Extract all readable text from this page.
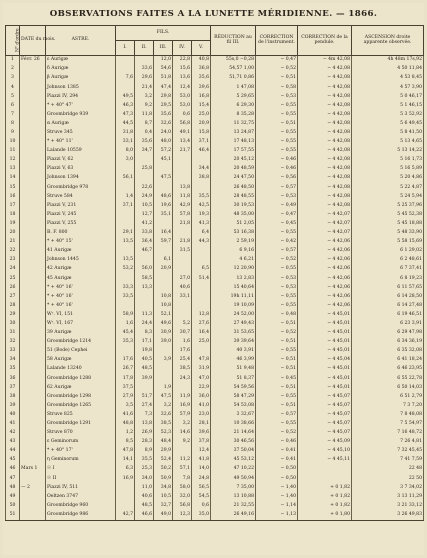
OBSERVATIONS FAITES A LA LUNETTE MÉRIDIENNE. — 1866.
N° d'ordre	DATE du mois.	ASTRE.	FILS.					RÉDUCTION au fil III.	CORRECTION de l'instrument.	CORRECTION de la pendule.	ASCENSION droite apparente observée.
			I.	II.	III.	IV.	V.				
1	Févr. 26	ε Aurigæ			12,0	22,8	40,8	55s,0 −0,28	− 0,47	− 4m 42,08	4h 48m 17s,92
2		δ Aurigæ		33,6	54,6	15,6	36,8	54,57 1,00	− 0,52	− 4 42,08	4 50 11,84
3		β Aurigæ	7,6	29,6	51,8	13,6	35,6	51,71 0,86	− 0,51	− 4 42,08	4 53 8,45
4		Johnson 1385		21,4	47,4	12,4	39,6	1 47,08	− 0,58	− 4 42,08	4 57 3,90
5		Piazzi IV, 294	49,5	3,2	29,8	53,0	16,8	5 29,65	− 0,53	− 4 42,08	5 0 46,17
6		* + 40° 47'	46,3	9,2	29,5	53,0	15,4	6 29,30	− 0,55	− 4 42,08	5 1 46,15
7		Groombridge 939	47,3	11,8	35,6	0,6	25,0	8 35,28	− 0,55	− 4 42,08	5 3 52,92
8		α Aurigæ	44,5	8,7	32,6	56,8	20,9	11 32,75	− 0,51	− 4 42,08	5 6 49,45
9		Struve 345	31,8	0,4	24,0	49,1	15,8	13 24,87	− 0,55	− 4 42,08	5 8 41,50
10		* + 40° 11'	33,1	35,6	48,0	13,4	37,1	17 48,13	− 0,55	− 4 42,08	5 13 4,65
11		Lalande 10559	8,0	34,7	57,2	21,7	46,4	17 57,55	− 0,55	− 4 42,08	5 13 14,22
12		Piazzi V, 62	3,0		45,1			20 45,12	− 0,46	− 4 42,08	5 16 1,73
13		Piazzi V, 63		25,8			34,4	20 48,59	− 0,46	− 4 42,08	5 16 5,89
14		Johnson 1394	56,1		47,5		38,8	24 47,50	− 0,56	− 4 42,08	5 20 4,86
15		Groombridge 978		22,6		13,8		26 48,50	− 0,57	− 4 42,08	5 22 4,87
16		Struve 584	1,4	24,9	48,6	11,8	35,5	28 48,55	− 0,53	− 4 42,08	5 24 5,94
17		Piazzi V, 231	37,1	10,5	19,6	42,9	42,5	30 19,53	− 0,49	− 4 42,08	5 25 37,96
18		Piazzi V, 245		12,7	35,1	57,8	19,3	48 35,00	− 0,47	− 4 42,07	5 45 52,38
19		Piazzi V, 255		41,2		21,8	41,3	51 2,05	− 0,45	− 4 42,07	5 45 18,88
20		B. F. 800	29,1	33,8	16,4		6,4	53 16,38	− 0,55	− 4 42,07	5 48 33,90
21		* + 40° 15'	13,5	36,4	59,7	21,8	44,3	2 59,19	− 0,42	− 4 42,06	5 58 15,69
22		41 Aurigæ		46,7		31,5		6 9,16	− 0,57	− 4 42,06	6 1 29,02
23		Johnson 1445	13,5		6,1			4 6,21	− 0,52	− 4 42,06	6 2 48,61
24		42 Aurigæ	53,2	56,0	20,9		6,5	12 20,90	− 0,55	− 4 42,06	6 7 37,41
25		45 Aurigæ		58,5		27,0	51,4	13 2,83	− 0,53	− 4 42,06	6 8 19,23
26		* + 40° 16'	33,3	13,3		40,6		15 40,64	− 0,53	− 4 42,06	6 11 57,65
27		* + 40° 16'	33,5		10,8	33,1		19h 11,11	− 0,55	− 4 42,06	6 14 28,50
28		* + 40° 16'			10,8			19 10,09	− 0,55	− 4 42,06	6 14 27,48
29		Wʳ. VI, 151	58,9	11,3	52,1		12,8	24 52,00	− 0,48	− 4 45,01	6 19 46,51
30		Wʳ. VI, 167	1,6	24,4	49,6	5,2	27,6	27 49,43	− 0,51	− 4 45,01	6 23 3,91
31		39 Aurigæ	45,4	8,3	30,9	30,7	16,4	31 53,65	− 0,52	− 4 45,01	6 29 47,98
32		Groombridge 1214	35,3	17,1	39,0	1,6	25,0	39 39,64	− 0,51	− 4 45,01	6 34 36,19
33		51 (Bode) Cephei		19,8		17,6		40 3,91	− 0,55	− 4 45,01	6 35 32,08
34		58 Aurigæ	17,6	40,5	3,9	25,4	47,8	46 3,99	− 0,51	− 4 45,04	6 41 18,24
35		Lalande 13240	26,7	48,5		38,5	31,9	51 9,48	− 0,51	− 4 45,01	6 46 23,95
36		Groombridge 1288	17,8	39,9		24,3	47,0	51 8,37	− 0,45	− 4 45,01	6 55 22,78
37		62 Aurigæ	37,5		1,9		22,9	54 59,56	− 0,51	− 4 45,01	6 50 14,03
38		Groombridge 1298	27,9	51,7	47,5	11,9	36,0	58 47,29	− 0,55	− 4 45,07	6 51 2,79
39		Groombridge 1265	3,5	27,4	3,2	16,9	41,0	54 53,08	− 0,51	− 4 45,07	7 3 7,20
40		Struve 825	41,6	7,3	32,6	57,9	23,0	3 32,67	− 0,57	− 4 45,07	7 8 48,08
41		Groombridge 1291	48,8	13,8	38,5	3,2	28,1	10 38,66	− 0,55	− 4 45,07	7 5 54,97
42		Struve 870	1,2	26,9	52,3	14,6	39,6	21 14,64	− 0,52	− 4 45,07	7 16 48,72
43		ε Geminorum	8,5	28,3	48,4	9,2	37,8	30 46,56	− 0,46	− 4 45,09	7 26 4,81
44		* + 40° 17'	47,8	8,9	29,9		12,4	37 50,04	− 0,41	− 4 45,10	7 32 45,45
45		η Geminorum	14,1	35,5	52,4	11,2	41,8	45 53,12	− 0,41	− 4 45,11	7 41 7,59
46	Mars 1	☉ I	6,3	25,3	50,2	57,1	14,0	47 10,22	− 0,50		22 48
47		☉ II	16,9	34,0	50,9	7,8	24,8	49 50,94	− 0,50		22 50
48	— 2	Piazzi IV, 511		11,0	34,8	58,0	56,5	7 35,00	− 1,40	+ 0 1,82	3 7 34,02
49		Oeltzen 3747		40,6	10,5	32,0	54,5	13 10,88	− 1,40	+ 0 1,82	3 13 11,29
50		Groombridge 960		48,5	32,7	56,8	0,6	21 32,55	− 1,14	+ 0 1,82	3 21 33,12
51		Groombridge 986	42,7	46,6	49,0	12,3	35,0	26 49,16	− 1,13	+ 0 1,80	3 26 49,83
